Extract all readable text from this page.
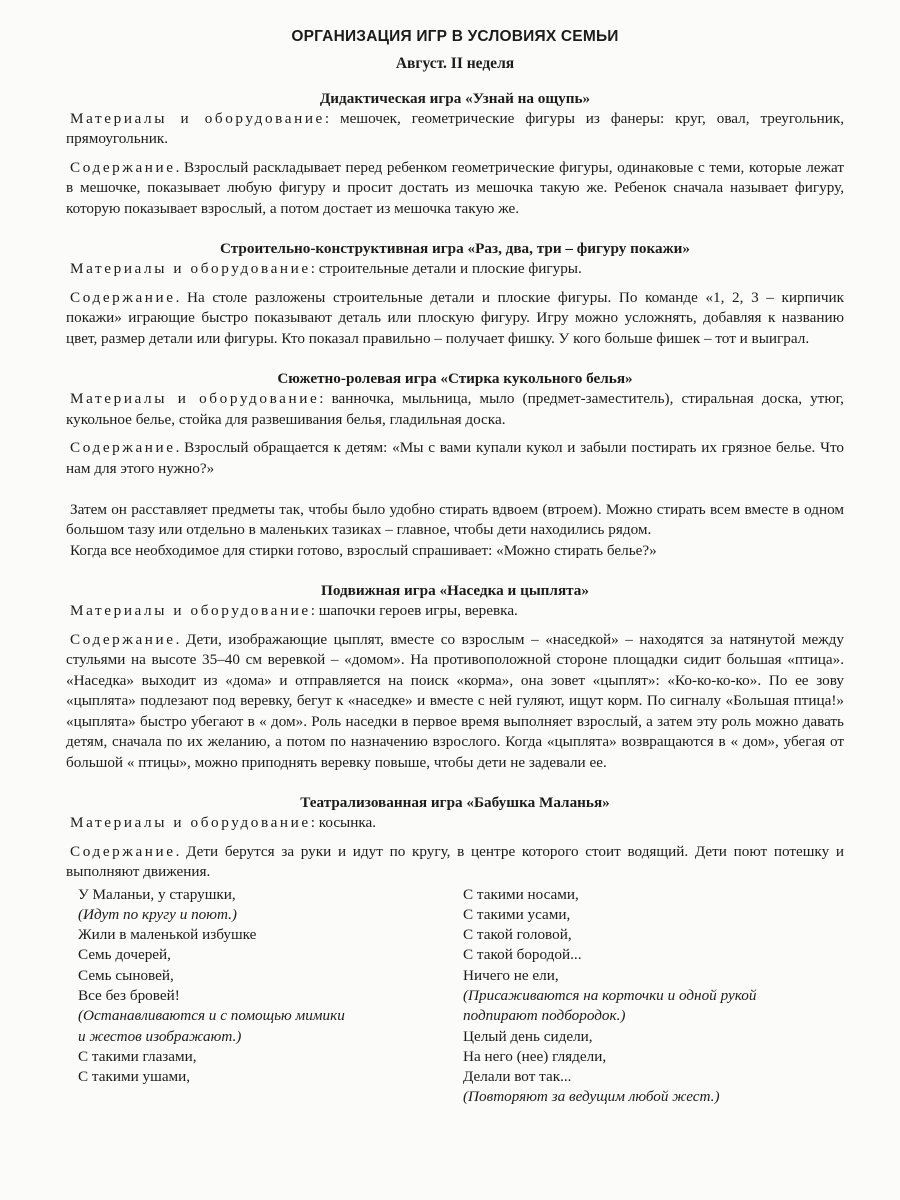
ОРГАНИЗАЦИЯ ИГР В УСЛОВИЯХ СЕМЬИ
Август. II неделя
Дидактическая игра «Узнай на ощупь»

Материалы и оборудование: мешочек, геометрические фигуры из фанеры: круг, овал, треугольник, прямоугольник.

Содержание. Взрослый раскладывает перед ребенком геометрические фигуры, одинаковые с теми, которые лежат в мешочке, показывает любую фигуру и просит достать из мешочка такую же. Ребенок сначала называет фигуру, которую показывает взрослый, а потом достает из мешочка такую же.

Строительно-конструктивная игра «Раз, два, три – фигуру покажи»

Материалы и оборудование: строительные детали и плоские фигуры.

Содержание. На столе разложены строительные детали и плоские фигуры. По команде «1, 2, 3 – кирпичик покажи» играющие быстро показывают деталь или плоскую фигуру. Игру можно усложнять, добавляя к названию цвет, размер детали или фигуры. Кто показал правильно – получает фишку. У кого больше фишек – тот и выиграл.

Сюжетно-ролевая игра «Стирка кукольного белья»

Материалы и оборудование: ванночка, мыльница, мыло (предмет-заместитель), стиральная доска, утюг, кукольное белье, стойка для развешивания белья, гладильная доска.

Содержание. Взрослый обращается к детям: «Мы с вами купали кукол и забыли постирать их грязное белье. Что нам для этого нужно?»

Затем он расставляет предметы так, чтобы было удобно стирать вдвоем (втроем). Можно стирать всем вместе в одном большом тазу или отдельно в маленьких тазиках – главное, чтобы дети находились рядом.

Когда все необходимое для стирки готово, взрослый спрашивает: «Можно стирать белье?»

Подвижная игра «Наседка и цыплята»

Материалы и оборудование: шапочки героев игры, веревка.

Содержание. Дети, изображающие цыплят, вместе со взрослым – «наседкой» – находятся за натянутой между стульями на высоте 35–40 см веревкой – «домом». На противоположной стороне площадки сидит большая «птица». «Наседка» выходит из «дома» и отправляется на поиск «корма», она зовет «цыплят»: «Ко-ко-ко-ко». По ее зову «цыплята» подлезают под веревку, бегут к «наседке» и вместе с ней гуляют, ищут корм. По сигналу «Большая птица!» «цыплята» быстро убегают в « дом». Роль наседки в первое время выполняет взрослый, а затем эту роль можно давать детям, сначала по их желанию, а потом по назначению взрослого. Когда «цыплята» возвращаются в « дом», убегая от большой « птицы», можно приподнять веревку повыше, чтобы дети не задевали ее.

Театрализованная игра «Бабушка Маланья»

Материалы и оборудование: косынка.

Содержание. Дети берутся за руки и идут по кругу, в центре которого стоит водящий. Дети поют потешку и выполняют движения.

У Маланьи, у старушки,
(Идут по кругу и поют.)
Жили в маленькой избушке
Семь дочерей,
Семь сыновей,
Все без бровей!
(Останавливаются и с помощью мимики
и жестов изображают.)
С такими глазами,
С такими ушами,
С такими носами,
С такими усами,
С такой головой,
С такой бородой...
Ничего не ели,
(Присаживаются на корточки и одной рукой
подпирают подбородок.)
Целый день сидели,
На него (нее) глядели,
Делали вот так...
(Повторяют за ведущим любой жест.)
